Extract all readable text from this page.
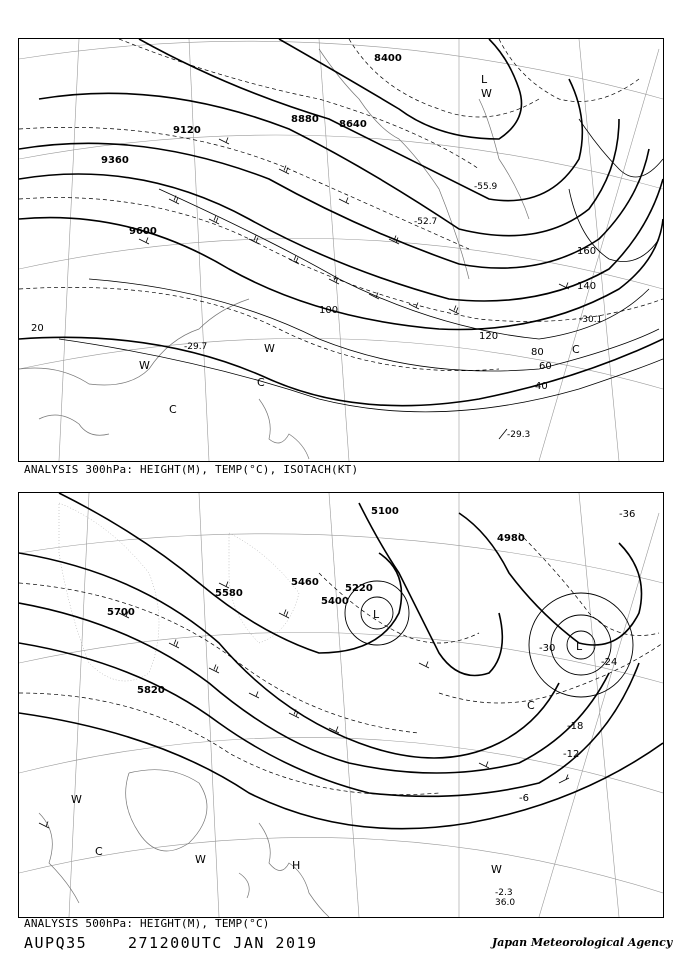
9600
9360
9120
8880 8640
8400
20
40
60
80
100
120
140
160
-52.7
-55.9
-29.7
-30.1
-29.3
L
W
C
W
C
W
C
ANALYSIS 300hPa: HEIGHT(M), TEMP(°C), ISOTACH(KT)
5700
5580
5460
5400
5220
5100
4980
5820
-36
-30
-24
-18
-12
-6
-2.3
36.0
L
L
C
W
C
W	H	W
ANALYSIS 500hPa: HEIGHT(M), TEMP(°C)
AUPQ35	271200UTC JAN 2019	Japan Meteorological Agency
